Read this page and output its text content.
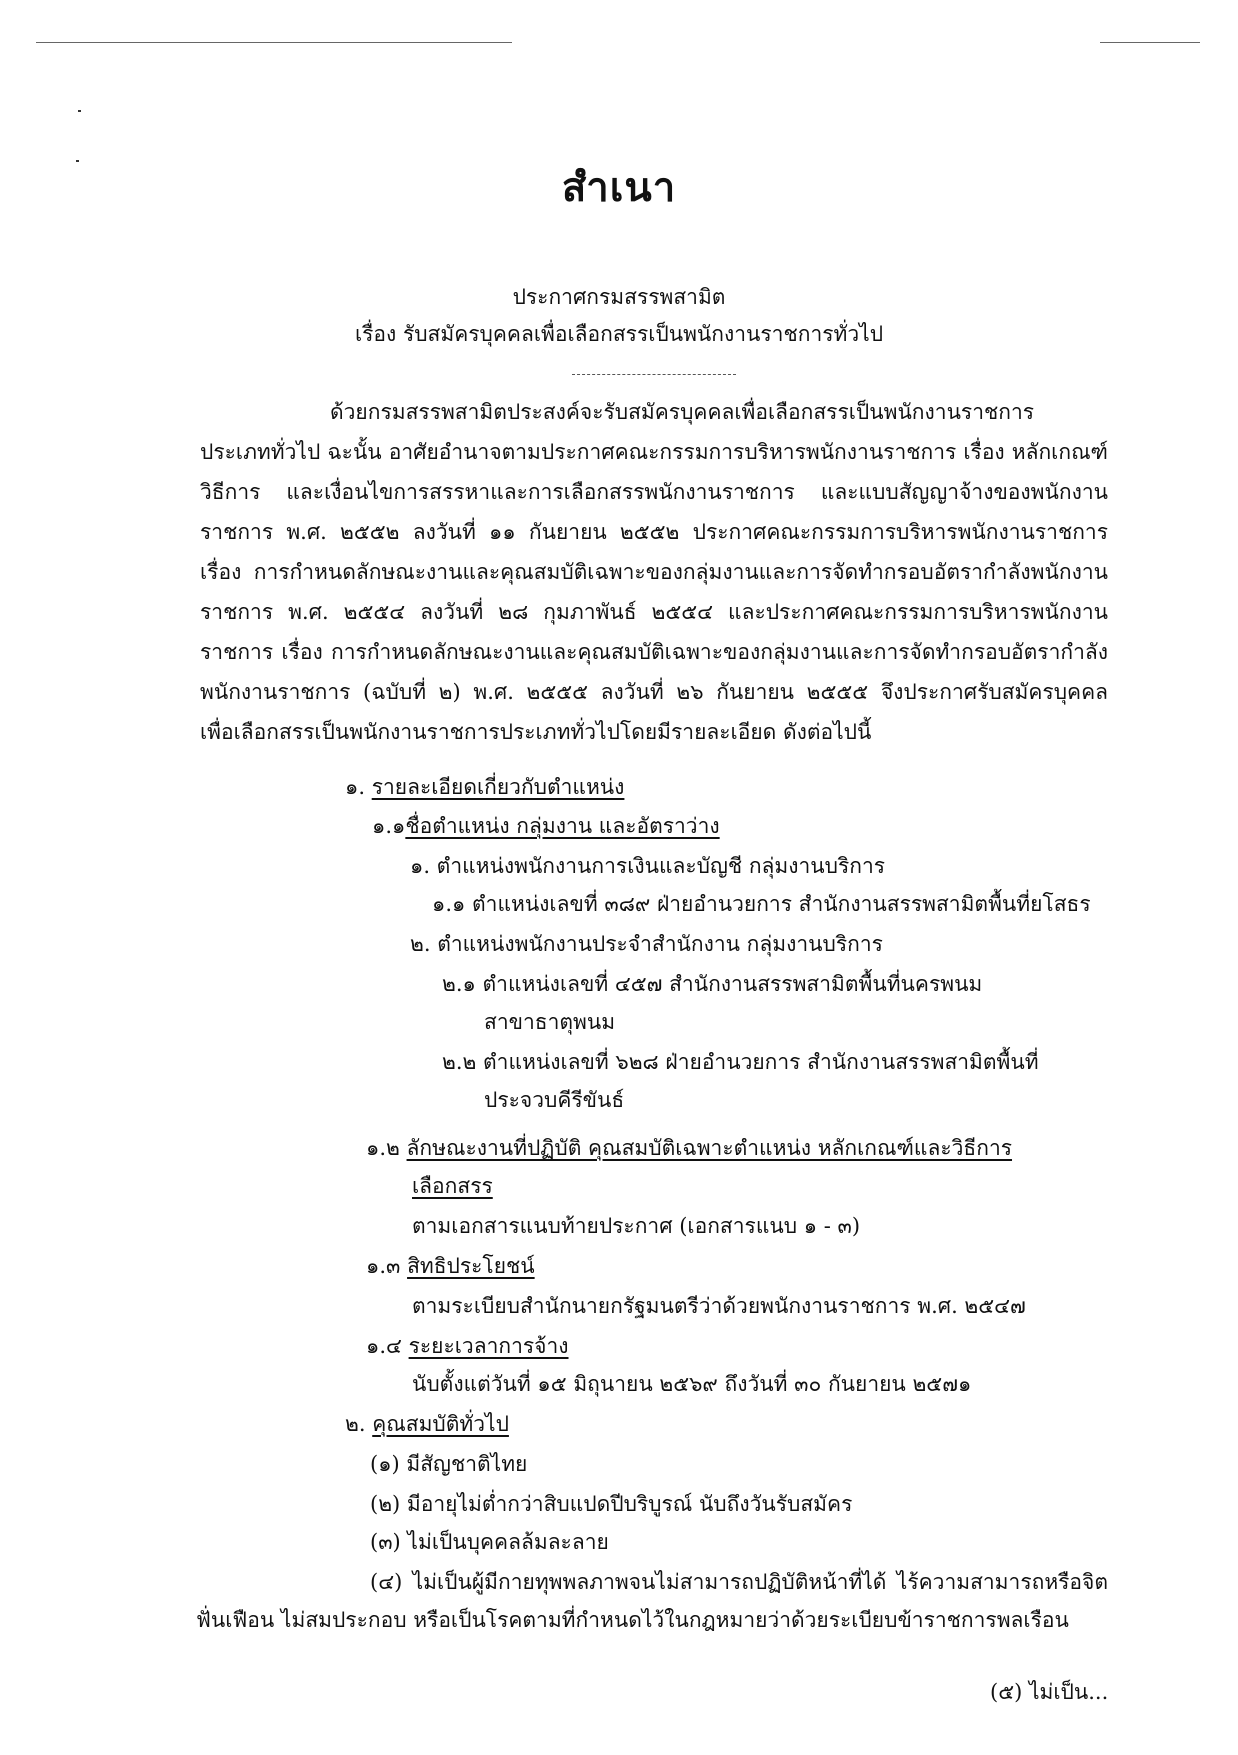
สำเนา
ประกาศกรมสรรพสามิต
เรื่อง รับสมัครบุคคลเพื่อเลือกสรรเป็นพนักงานราชการทั่วไป
ด้วยกรมสรรพสามิตประสงค์จะรับสมัครบุคคลเพื่อเลือกสรรเป็นพนักงานราชการ
ประเภททั่วไป ฉะนั้น อาศัยอำนาจตามประกาศคณะกรรมการบริหารพนักงานราชการ เรื่อง หลักเกณฑ์
วิธีการ และเงื่อนไขการสรรหาและการเลือกสรรพนักงานราชการ และแบบสัญญาจ้างของพนักงาน
ราชการ พ.ศ. ๒๕๕๒ ลงวันที่ ๑๑ กันยายน ๒๕๕๒ ประกาศคณะกรรมการบริหารพนักงานราชการ
เรื่อง การกำหนดลักษณะงานและคุณสมบัติเฉพาะของกลุ่มงานและการจัดทำกรอบอัตรากำลังพนักงาน
ราชการ พ.ศ. ๒๕๕๔ ลงวันที่ ๒๘ กุมภาพันธ์ ๒๕๕๔ และประกาศคณะกรรมการบริหารพนักงาน
ราชการ เรื่อง การกำหนดลักษณะงานและคุณสมบัติเฉพาะของกลุ่มงานและการจัดทำกรอบอัตรากำลัง
พนักงานราชการ (ฉบับที่ ๒) พ.ศ. ๒๕๕๕ ลงวันที่ ๒๖ กันยายน ๒๕๕๕ จึงประกาศรับสมัครบุคคล
เพื่อเลือกสรรเป็นพนักงานราชการประเภททั่วไปโดยมีรายละเอียด ดังต่อไปนี้
๑. รายละเอียดเกี่ยวกับตำแหน่ง
๑.๑ชื่อตำแหน่ง กลุ่มงาน และอัตราว่าง
๑. ตำแหน่งพนักงานการเงินและบัญชี กลุ่มงานบริการ
๑.๑ ตำแหน่งเลขที่ ๓๘๙ ฝ่ายอำนวยการ สำนักงานสรรพสามิตพื้นที่ยโสธร
๒. ตำแหน่งพนักงานประจำสำนักงาน กลุ่มงานบริการ
๒.๑ ตำแหน่งเลขที่ ๔๕๗ สำนักงานสรรพสามิตพื้นที่นครพนม
สาขาธาตุพนม
๒.๒ ตำแหน่งเลขที่ ๖๒๘ ฝ่ายอำนวยการ สำนักงานสรรพสามิตพื้นที่
ประจวบคีรีขันธ์
๑.๒ ลักษณะงานที่ปฏิบัติ คุณสมบัติเฉพาะตำแหน่ง หลักเกณฑ์และวิธีการ
เลือกสรร
ตามเอกสารแนบท้ายประกาศ (เอกสารแนบ ๑ - ๓)
๑.๓ สิทธิประโยชน์
ตามระเบียบสำนักนายกรัฐมนตรีว่าด้วยพนักงานราชการ พ.ศ. ๒๕๔๗
๑.๔ ระยะเวลาการจ้าง
นับตั้งแต่วันที่ ๑๕ มิถุนายน ๒๕๖๙ ถึงวันที่ ๓๐ กันยายน ๒๕๗๑
๒. คุณสมบัติทั่วไป
(๑) มีสัญชาติไทย
(๒) มีอายุไม่ต่ำกว่าสิบแปดปีบริบูรณ์ นับถึงวันรับสมัคร
(๓) ไม่เป็นบุคคลล้มละลาย
(๔) ไม่เป็นผู้มีกายทุพพลภาพจนไม่สามารถปฏิบัติหน้าที่ได้ ไร้ความสามารถหรือจิต
ฟั่นเฟือน ไม่สมประกอบ หรือเป็นโรคตามที่กำหนดไว้ในกฎหมายว่าด้วยระเบียบข้าราชการพลเรือน
(๕) ไม่เป็น...
